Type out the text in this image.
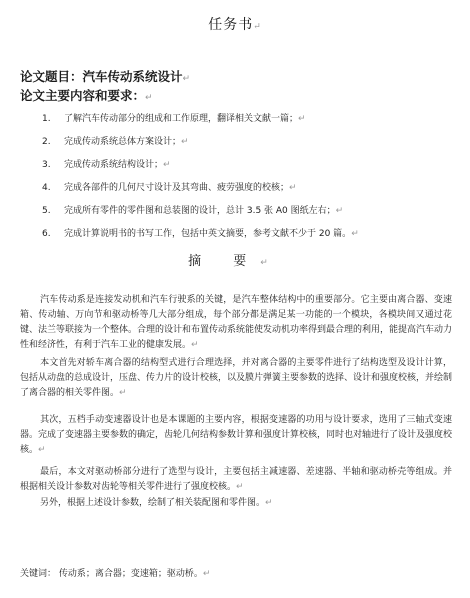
任务书↵
论文题目：汽车传动系统设计↵
论文主要内容和要求：↵
1. 了解汽车传动部分的组成和工作原理，翻译相关文献一篇；↵
2. 完成传动系统总体方案设计；↵
3. 完成传动系统结构设计；↵
4. 完成各部件的几何尺寸设计及其弯曲、疲劳强度的校核；↵
5. 完成所有零件的零件图和总装图的设计，总计 3.5 张 A0 图纸左右；↵
6. 完成计算说明书的书写工作，包括中英文摘要，参考文献不少于 20 篇。↵
摘 要↵
汽车传动系是连接发动机和汽车行驶系的关键，是汽车整体结构中的重要部分。它主要由离合器、变速箱、传动轴、万向节和驱动桥等几大部分组成，每个部分都是满足某一功能的一个模块，各模块间又通过花键、法兰等联接为一个整体。合理的设计和布置传动系统能使发动机功率得到最合理的利用，能提高汽车动力性和经济性，有利于汽车工业的健康发展。↵
本文首先对轿车离合器的结构型式进行合理选择，并对离合器的主要零件进行了结构选型及设计计算，包括从动盘的总成设计，压盘、传力片的设计校核，以及膜片弹簧主要参数的选择、设计和强度校核，并绘制了离合器的相关零件图。↵
其次，五档手动变速器设计也是本课题的主要内容，根据变速器的功用与设计要求，选用了三轴式变速器。完成了变速器主要参数的确定，齿轮几何结构参数计算和强度计算校核，同时也对轴进行了设计及强度校核。↵
最后，本文对驱动桥部分进行了选型与设计，主要包括主减速器、差速器、半轴和驱动桥壳等组成。并根据相关设计参数对齿轮等相关零件进行了强度校核。↵
另外，根据上述设计参数，绘制了相关装配图和零件图。↵
关键词： 传动系；离合器；变速箱；驱动桥。↵
